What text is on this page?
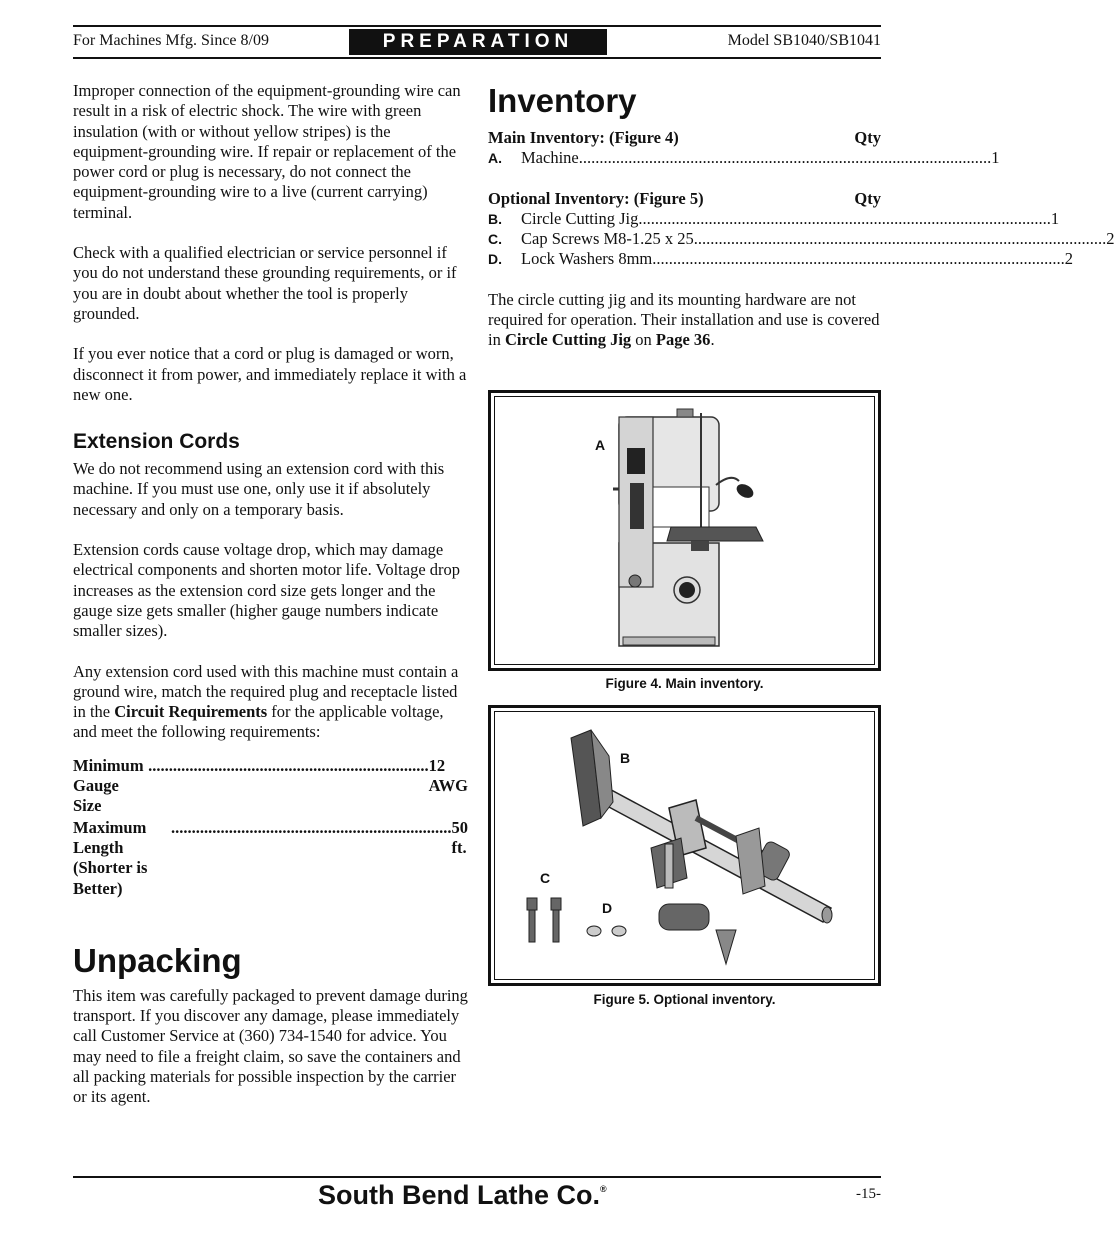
For Machines Mfg. Since 8/09	PREPARATION	Model SB1040/SB1041

Improper connection of the equipment-grounding wire can result in a risk of electric shock. The wire with green insulation (with or without yellow stripes) is the equipment-grounding wire. If repair or replacement of the power cord or plug is necessary, do not connect the equipment-grounding wire to a live (current carrying) terminal.

Check with a qualified electrician or service personnel if you do not understand these grounding requirements, or if you are in doubt about whether the tool is properly grounded.

If you ever notice that a cord or plug is damaged or worn, disconnect it from power, and immediately replace it with a new one.

Extension Cords

We do not recommend using an extension cord with this machine. If you must use one, only use it if absolutely necessary and only on a temporary basis.

Extension cords cause voltage drop, which may damage electrical components and shorten motor life. Voltage drop increases as the extension cord size gets longer and the gauge size gets smaller (higher gauge numbers indicate smaller sizes).

Any extension cord used with this machine must contain a ground wire, match the required plug and receptacle listed in the Circuit Requirements for the applicable voltage, and meet the following requirements:

Minimum Gauge Size
.................................................................... 12 AWG
Maximum Length (Shorter is Better)
.................................................................... 50 ft.
Unpacking

This item was carefully packaged to prevent damage during transport. If you discover any damage, please immediately call Customer Service at (360) 734-1540 for advice. You may need to file a freight claim, so save the containers and all packing materials for possible inspection by the carrier or its agent.

Inventory
Main Inventory: (Figure 4)	Qty
A.	Machine .................................................................................................... 1
Optional Inventory: (Figure 5)	Qty
B.	Circle Cutting Jig .................................................................................................... 1
C.	Cap Screws M8-1.25 x 25 .................................................................................................... 2
D.	Lock Washers 8mm .................................................................................................... 2

The circle cutting jig and its mounting hardware are not required for operation. Their installation and use is covered in Circle Cutting Jig on Page 36.

A
Figure 4. Main inventory.
B
C
D
Figure 5. Optional inventory.
South Bend Lathe Co.®	-15-
